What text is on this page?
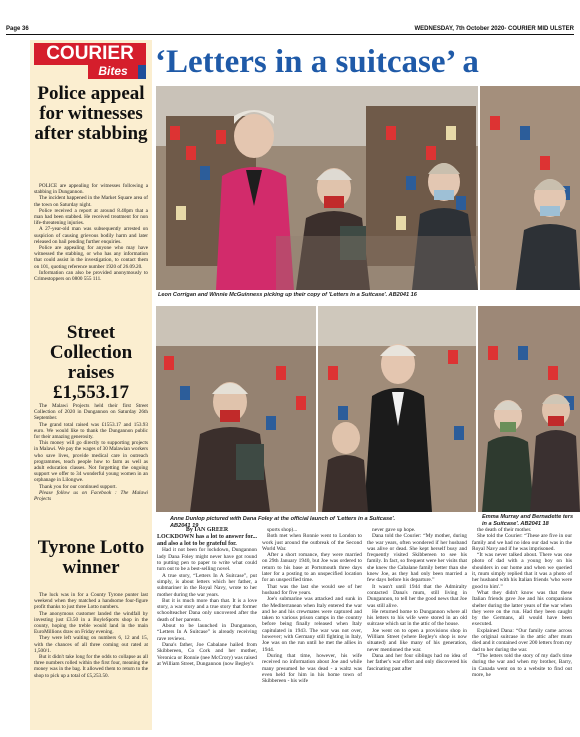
Page 36	WEDNESDAY, 7th October 2020- COURIER MID ULSTER
COURIER
Bites
Police appeal for witnesses after stabbing

POLICE are appealing for witnesses following a stabbing in Dungannon.

The incident happened in the Market Square area of the town on Saturday night.

Police received a report at around 8.40pm that a man had been stabbed. He received treatment for non life-threatening injuries.

A 27-year-old man was subsequently arrested on suspicion of causing grievous bodily harm and later released on bail pending further enquiries.

Police are appealing for anyone who may have witnessed the stabbing, or who has any information that could assist in the investigation, to contact them on 101, quoting reference number 1920 of 26.09.20.

Information can also be provided anonymously to Crimestoppers on 0800 555 111.

Street Collection raises £1,553.17

The Malawi Projects held their first Street Collection of 2020 in Dungannon on Saturday 26th September.

The grand total raised was £1553.17 and 153.93 euro. We would like to thank the Dungannon public for their amazing generosity.

This money will go directly to supporting projects in Malawi. We pay the wages of 30 Malawian workers who save lives, provide medical care in outreach programmes, teach people how to farm as well as adult education classes. Not forgetting the ongoing support we offer to 34 wonderful young women in an orphanage in Lilongwe.

Thank you for our continued support.

Please follow us on Facebook : The Malawi Projects

Tyrone Lotto winner

The luck was in for a County Tyrone punter last weekend when they matched a handsome four-figure profit thanks to just three Lotto numbers.

The anonymous customer landed the windfall by investing just £3.50 in a BoyleSports shop in the county, hoping the treble would land in the main EuroMillions draw on Friday evening.

They were left waiting on numbers 6, 12 and 15, with the chances of all three coming out rated at 1,500/1.

But it didn't take long for the odds to collapse as all three numbers rolled within the first four, meaning the money was in the bag. It allowed them to return to the shop to pick up a total of £5,253.50.

‘Letters in a suitcase’ a
Leon Corrigan and Winnie McGuinness picking up their copy of 'Letters in a Suitcase'. AB2041 16
Anne Dunlop pictured with Dana Foley at the official launch of 'Letters in a Suitcase'. AB2041 19
Emma Murray and Bernadette ters in a Suitcase'. AB2041 18

By IAN GREER

LOCKDOWN has a lot to answer for... and also a lot to be grateful for.

Had it not been for lockdown, Dungannon lady Dana Foley might never have got round to putting pen to paper to write what could turn out to be a best-selling novel.

A true story, “Letters In A Suitcase”, put simply, is about letters which her father, a submariner in the Royal Navy, wrote to her mother during the war years.

But it is much more than that. It is a love story, a war story and a true story that former schoolteacher Dana only uncovered after the death of her parents.

About to be launched in Dungannon, “Letters In A Suitcase” is already receiving rave reviews.

Dana's father, Joe Cabalane hailed from Skibbereen, Co Cork and her mother, Veronica or Ronnie (nee McCrory) was raised at William Street, Dungannon (now Begley's

sports shop)...

Both met when Ronnie went to London to work just around the outbreak of the Second World War.

After a short romance, they were married on 29th January 1940, but Joe was ordered to return to his base at Portsmouth three days later for a posting to an unspecified location for an unspecified time.

That was the last she would see of her husband for five years.

Joe's submarine was attacked and sunk in the Mediterranean when Italy entered the war and he and his crewmates were captured and taken to various prison camps in the country before being finally released when Italy capitulated in 1943. The war was not over, however; with Germany still fighting in Italy, Joe was on the run until he met the allies in 1944.

During that time, however, his wife received no information about Joe and while many presumed he was dead - a waltz was even held for him in his home town of Skibbereen - his wife

never gave up hope.

Dana told the Courier: “My mother, during the war years, often wondered if her husband was alive or dead. She kept herself busy and frequently visited Skibbereen to see his family. In fact, so frequent were her visits that she knew the Cabalane family better than she knew Joe, as they had only been married a few days before his departure.”

It wasn't until 1944 that the Admiralty contacted Dana's mum, still living in Dungannon, to tell her the good news that Joe was still alive.

He returned home to Dungannon where all his letters to his wife were stored in an old suitcase which sat in the attic of the house.

Joe went on to open a provisions shop in William Street (where Begley's shop is now situated) and like many of his generation, never mentioned the war.

Dana and her four siblings had no idea of her father's war effort and only discovered his fascinating past after

the death of their mother.

She told the Courier: “These are five in our family and we had no idea our dad was in the Royal Navy and if he was imprisoned.

“It was never talked about. There was one photo of dad with a young boy on his shoulders in our home and when we queried it, mum simply replied that it was a photo of her husband with his Italian friends 'who were good to him'.”

What they didn't know was that these Italian friends gave Joe and his companions shelter during the latter years of the war when they were on the run. Had they been caught by the Germans, all would have been executed.

Explained Dana: “Our family came across the original suitcase in the attic after mum died and it contained over 200 letters from my dad to her during the war.

“The letters told the story of my dad's time during the war and when my brother, Barry, in Canada went on to a website to find out more, he
